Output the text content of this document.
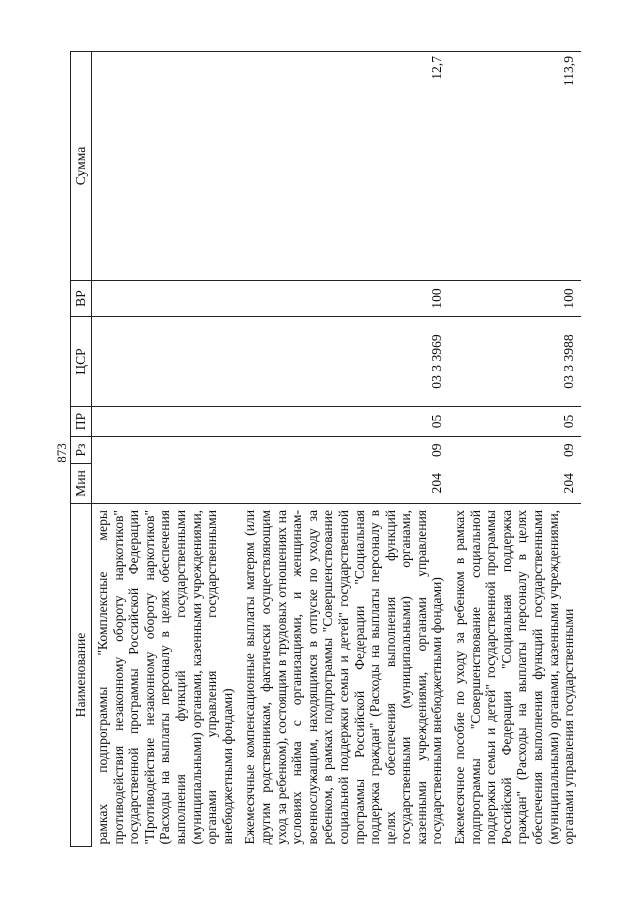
873
Наименование	Мин	Рз	ПР	ЦСР	ВР	Сумма
рамках подпрограммы "Комплексные меры противодействия незаконному обороту наркотиков" государственной программы Российской Федерации "Противодействие незаконному обороту наркотиков" (Расходы на выплаты персоналу в целях обеспечения выполнения функций государственными (муниципальными) органами, казенными учреждениями, органами управления государственными внебюджетными фондами)						
Ежемесячные компенсационные выплаты матерям (или другим родственникам, фактически осуществляющим уход за ребенком), состоящим в трудовых отношениях на условиях найма с организациями, и женщинам-военнослужащим, находящимся в отпуске по уходу за ребенком, в рамках подпрограммы "Совершенствование социальной поддержки семьи и детей" государственной программы Российской Федерации "Социальная поддержка граждан" (Расходы на выплаты персоналу в целях обеспечения выполнения функций государственными (муниципальными) органами, казенными учреждениями, органами управления государственными внебюджетными фондами)	204	09	05	03 3 3969	100	12,7
Ежемесячное пособие по уходу за ребенком в рамках подпрограммы "Совершенствование социальной поддержки семьи и детей" государственной программы Российской Федерации "Социальная поддержка граждан" (Расходы на выплаты персоналу в целях обеспечения выполнения функций государственными (муниципальными) органами, казенными учреждениями, органами управления государственными	204	09	05	03 3 3988	100	113,9
